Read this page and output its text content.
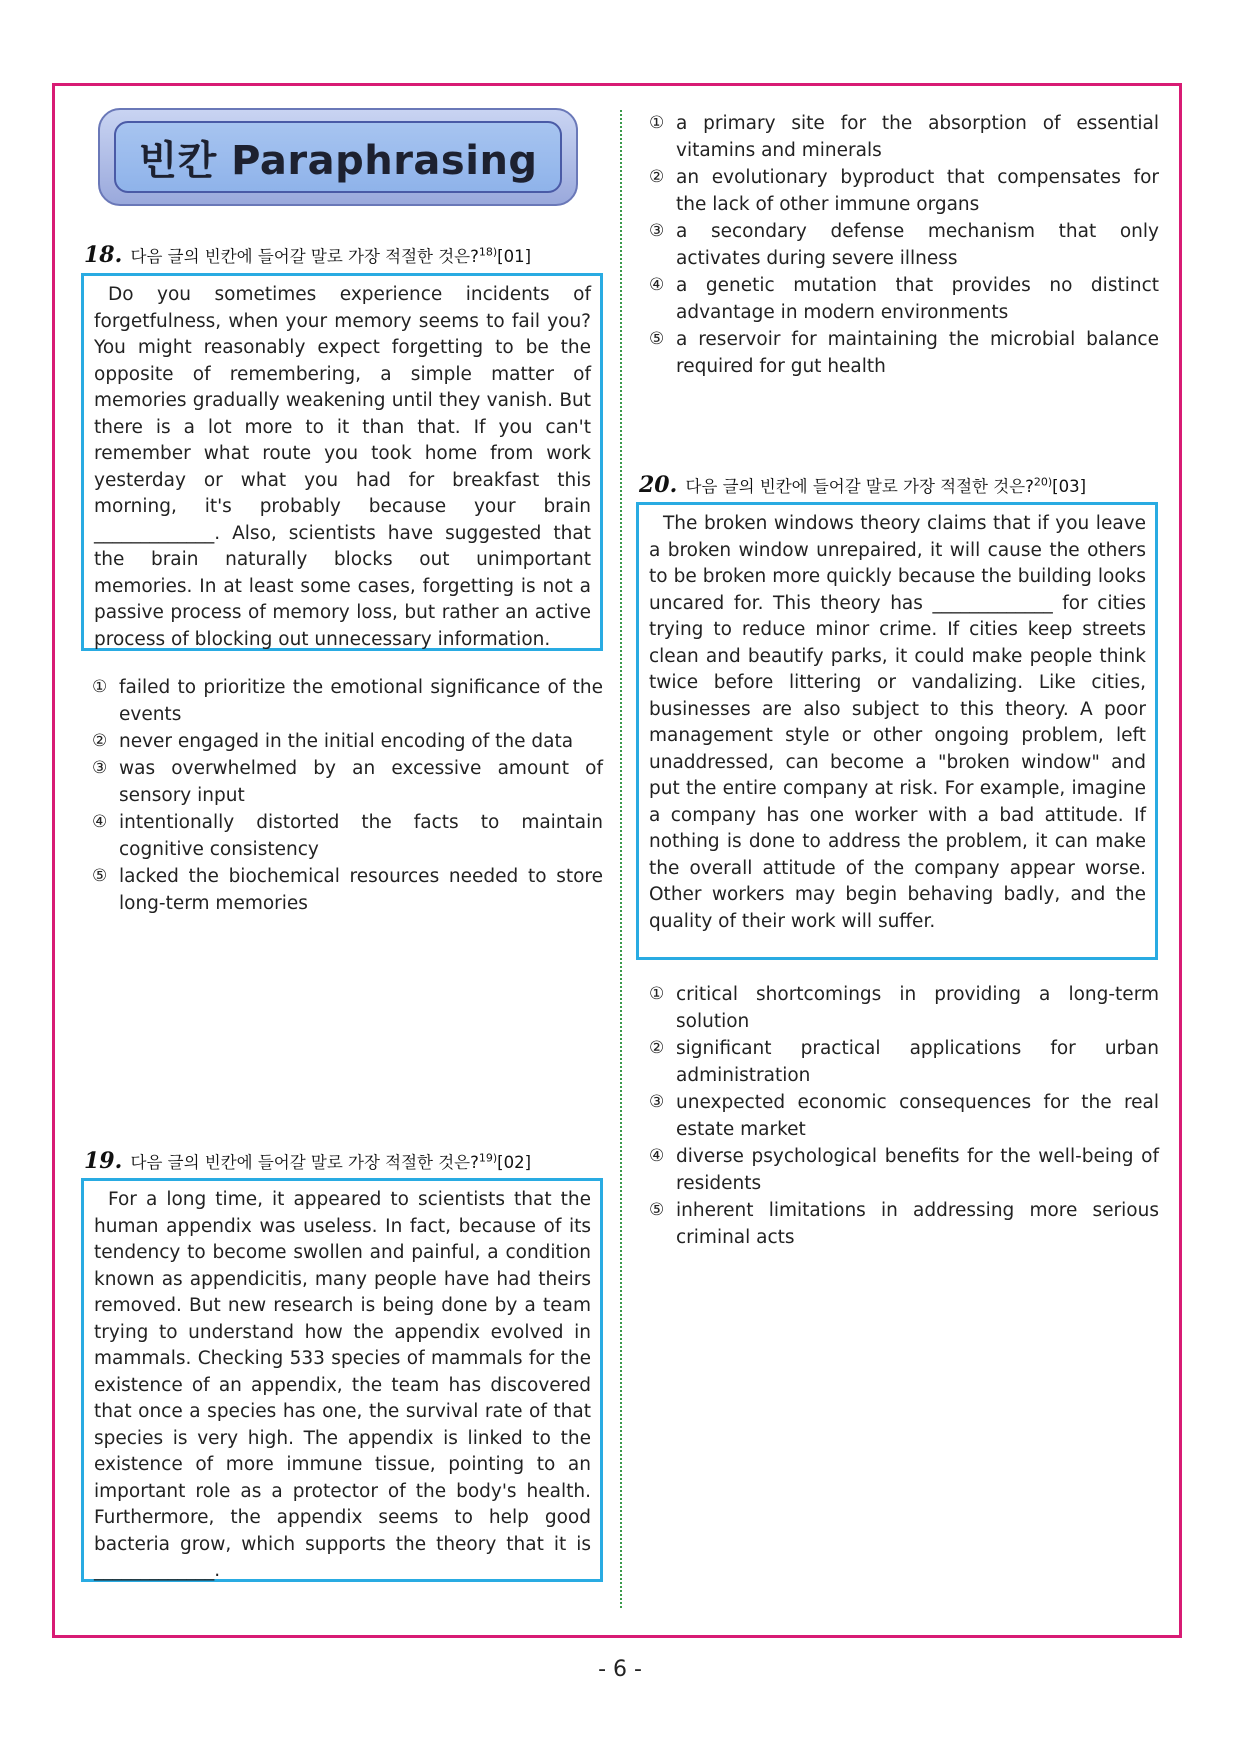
빈칸 Paraphrasing
18. 다음 글의 빈칸에 들어갈 말로 가장 적절한 것은?$^{18)}$[01]
Do you sometimes experience incidents of forgetfulness, when your memory seems to fail you? You might reasonably expect forgetting to be the opposite of remembering, a simple matter of memories gradually weakening until they vanish. But there is a lot more to it than that. If you can't remember what route you took home from work yesterday or what you had for breakfast this morning, it's probably because your brain _____________. Also, scientists have suggested that the brain naturally blocks out unimportant memories. In at least some cases, forgetting is not a passive process of memory loss, but rather an active process of blocking out unnecessary information.
① failed to prioritize the emotional significance of the events
② never engaged in the initial encoding of the data
③ was overwhelmed by an excessive amount of sensory input
④ intentionally distorted the facts to maintain cognitive consistency
⑤ lacked the biochemical resources needed to store long-term memories
19. 다음 글의 빈칸에 들어갈 말로 가장 적절한 것은?$^{19)}$[02]
For a long time, it appeared to scientists that the human appendix was useless. In fact, because of its tendency to become swollen and painful, a condition known as appendicitis, many people have had theirs removed. But new research is being done by a team trying to understand how the appendix evolved in mammals. Checking 533 species of mammals for the existence of an appendix, the team has discovered that once a species has one, the survival rate of that species is very high. The appendix is linked to the existence of more immune tissue, pointing to an important role as a protector of the body's health. Furthermore, the appendix seems to help good bacteria grow, which supports the theory that it is _____________.
① a primary site for the absorption of essential vitamins and minerals
② an evolutionary byproduct that compensates for the lack of other immune organs
③ a secondary defense mechanism that only activates during severe illness
④ a genetic mutation that provides no distinct advantage in modern environments
⑤ a reservoir for maintaining the microbial balance required for gut health
20. 다음 글의 빈칸에 들어갈 말로 가장 적절한 것은?$^{20)}$[03]
The broken windows theory claims that if you leave a broken window unrepaired, it will cause the others to be broken more quickly because the building looks uncared for. This theory has _____________ for cities trying to reduce minor crime. If cities keep streets clean and beautify parks, it could make people think twice before littering or vandalizing. Like cities, businesses are also subject to this theory. A poor management style or other ongoing problem, left unaddressed, can become a "broken window" and put the entire company at risk. For example, imagine a company has one worker with a bad attitude. If nothing is done to address the problem, it can make the overall attitude of the company appear worse. Other workers may begin behaving badly, and the quality of their work will suffer.
① critical shortcomings in providing a long-term solution
② significant practical applications for urban administration
③ unexpected economic consequences for the real estate market
④ diverse psychological benefits for the well-being of residents
⑤ inherent limitations in addressing more serious criminal acts
- 6 -
